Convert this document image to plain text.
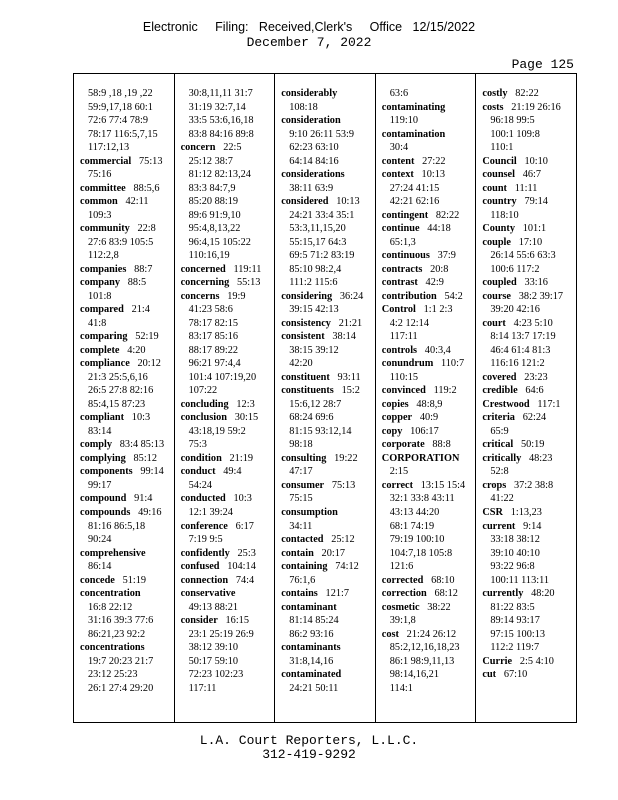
Electronic     Filing:   Received,Clerk's     Office   12/15/2022
December 7, 2022
Page 125
58:9 ,18 ,19 ,22
59:9,17,18 60:1
72:6 77:4 78:9
78:17 116:5,7,15
117:12,13
commercial 75:13
75:16
committee 88:5,6
common 42:11
109:3
community 22:8
27:6 83:9 105:5
112:2,8
companies 88:7
company 88:5
101:8
compared 21:4
41:8
comparing 52:19
complete 4:20
compliance 20:12
21:3 25:5,6,16
26:5 27:8 82:16
85:4,15 87:23
compliant 10:3
83:14
comply 83:4 85:13
complying 85:12
components 99:14
99:17
compound 91:4
compounds 49:16
81:16 86:5,18
90:24
comprehensive
86:14
concede 51:19
concentration
16:8 22:12
31:16 39:3 77:6
86:21,23 92:2
concentrations
19:7 20:23 21:7
23:12 25:23
26:1 27:4 29:20
30:8,11,11 31:7
31:19 32:7,14
33:5 53:6,16,18
83:8 84:16 89:8
concern 22:5
25:12 38:7
81:12 82:13,24
83:3 84:7,9
85:20 88:19
89:6 91:9,10
95:4,8,13,22
96:4,15 105:22
110:16,19
concerned 119:11
concerning 55:13
concerns 19:9
41:23 58:6
78:17 82:15
83:17 85:16
88:17 89:22
96:21 97:4,4
101:4 107:19,20
107:22
concluding 12:3
conclusion 30:15
43:18,19 59:2
75:3
condition 21:19
conduct 49:4
54:24
conducted 10:3
12:1 39:24
conference 6:17
7:19 9:5
confidently 25:3
confused 104:14
connection 74:4
conservative
49:13 88:21
consider 16:15
23:1 25:19 26:9
38:12 39:10
50:17 59:10
72:23 102:23
117:11
considerably
108:18
consideration
9:10 26:11 53:9
62:23 63:10
64:14 84:16
considerations
38:11 63:9
considered 10:13
24:21 33:4 35:1
53:3,11,15,20
55:15,17 64:3
69:5 71:2 83:19
85:10 98:2,4
111:2 115:6
considering 36:24
39:15 42:13
consistency 21:21
consistent 38:14
38:15 39:12
42:20
constituent 93:11
constituents 15:2
15:6,12 28:7
68:24 69:6
81:15 93:12,14
98:18
consulting 19:22
47:17
consumer 75:13
75:15
consumption
34:11
contacted 25:12
contain 20:17
containing 74:12
76:1,6
contains 121:7
contaminant
81:14 85:24
86:2 93:16
contaminants
31:8,14,16
contaminated
24:21 50:11
63:6
contaminating
119:10
contamination
30:4
content 27:22
context 10:13
27:24 41:15
42:21 62:16
contingent 82:22
continue 44:18
65:1,3
continuous 37:9
contracts 20:8
contrast 42:9
contribution 54:2
Control 1:1 2:3
4:2 12:14
117:11
controls 40:3,4
conundrum 110:7
110:15
convinced 119:2
copies 48:8,9
copper 40:9
copy 106:17
corporate 88:8
CORPORATION
2:15
correct 13:15 15:4
32:1 33:8 43:11
43:13 44:20
68:1 74:19
79:19 100:10
104:7,18 105:8
121:6
corrected 68:10
correction 68:12
cosmetic 38:22
39:1,8
cost 21:24 26:12
85:2,12,16,18,23
86:1 98:9,11,13
98:14,16,21
114:1
costly 82:22
costs 21:19 26:16
96:18 99:5
100:1 109:8
110:1
Council 10:10
counsel 46:7
count 11:11
country 79:14
118:10
County 101:1
couple 17:10
26:14 55:6 63:3
100:6 117:2
coupled 33:16
course 38:2 39:17
39:20 42:16
court 4:23 5:10
8:14 13:7 17:19
46:4 61:4 81:3
116:16 121:2
covered 23:23
credible 64:6
Crestwood 117:1
criteria 62:24
65:9
critical 50:19
critically 48:23
52:8
crops 37:2 38:8
41:22
CSR 1:13,23
current 9:14
33:18 38:12
39:10 40:10
93:22 96:8
100:11 113:11
currently 48:20
81:22 83:5
89:14 93:17
97:15 100:13
112:2 119:7
Currie 2:5 4:10
cut 67:10
L.A. Court Reporters, L.L.C.
312-419-9292
